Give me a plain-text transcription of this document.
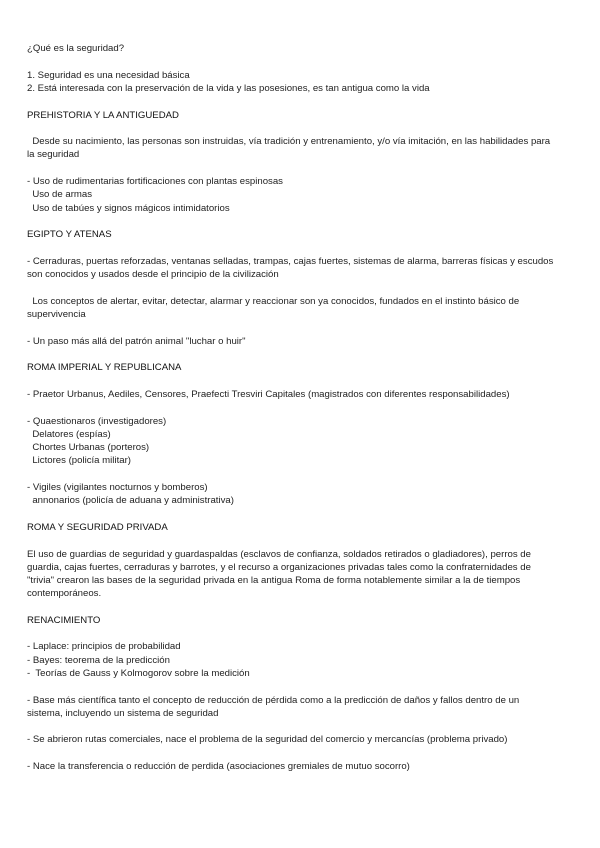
¿Qué es la seguridad?
1. Seguridad es una necesidad básica
2. Está interesada con la preservación de la vida y las posesiones, es tan antigua como la vida
PREHISTORIA Y LA ANTIGUEDAD
Desde su nacimiento, las personas son instruidas, vía tradición y entrenamiento, y/o vía imitación, en las habilidades para
la seguridad
- Uso de rudimentarias fortificaciones con plantas espinosas
Uso de armas
Uso de tabúes y signos mágicos intimidatorios
EGIPTO Y ATENAS
- Cerraduras, puertas reforzadas, ventanas selladas, trampas, cajas fuertes, sistemas de alarma, barreras físicas y escudos
son conocidos y usados desde el principio de la civilización
Los conceptos de alertar, evitar, detectar, alarmar y reaccionar son ya conocidos, fundados en el instinto básico de
supervivencia
- Un paso más allá del patrón animal "luchar o huir"
ROMA IMPERIAL Y REPUBLICANA
- Praetor Urbanus, Aediles, Censores, Praefecti Tresviri Capitales (magistrados con diferentes responsabilidades)
- Quaestionaros (investigadores)
Delatores (espías)
Chortes Urbanas (porteros)
Lictores (policía militar)
- Vigiles (vigilantes nocturnos y bomberos)
annonarios (policía de aduana y administrativa)
ROMA Y SEGURIDAD PRIVADA
El uso de guardias de seguridad y guardaspaldas (esclavos de confianza, soldados retirados o gladiadores), perros de
guardia, cajas fuertes, cerraduras y barrotes, y el recurso a organizaciones privadas tales como la confraternidades de
"trivia" crearon las bases de la seguridad privada en la antigua Roma de forma notablemente similar a la de tiempos
contemporáneos.
RENACIMIENTO
- Laplace: principios de probabilidad
- Bayes: teorema de la predicción
-  Teorías de Gauss y Kolmogorov sobre la medición
- Base más científica tanto el concepto de reducción de pérdida como a la predicción de daños y fallos dentro de un
sistema, incluyendo un sistema de seguridad
- Se abrieron rutas comerciales, nace el problema de la seguridad del comercio y mercancías (problema privado)
- Nace la transferencia o reducción de perdida (asociaciones gremiales de mutuo socorro)
